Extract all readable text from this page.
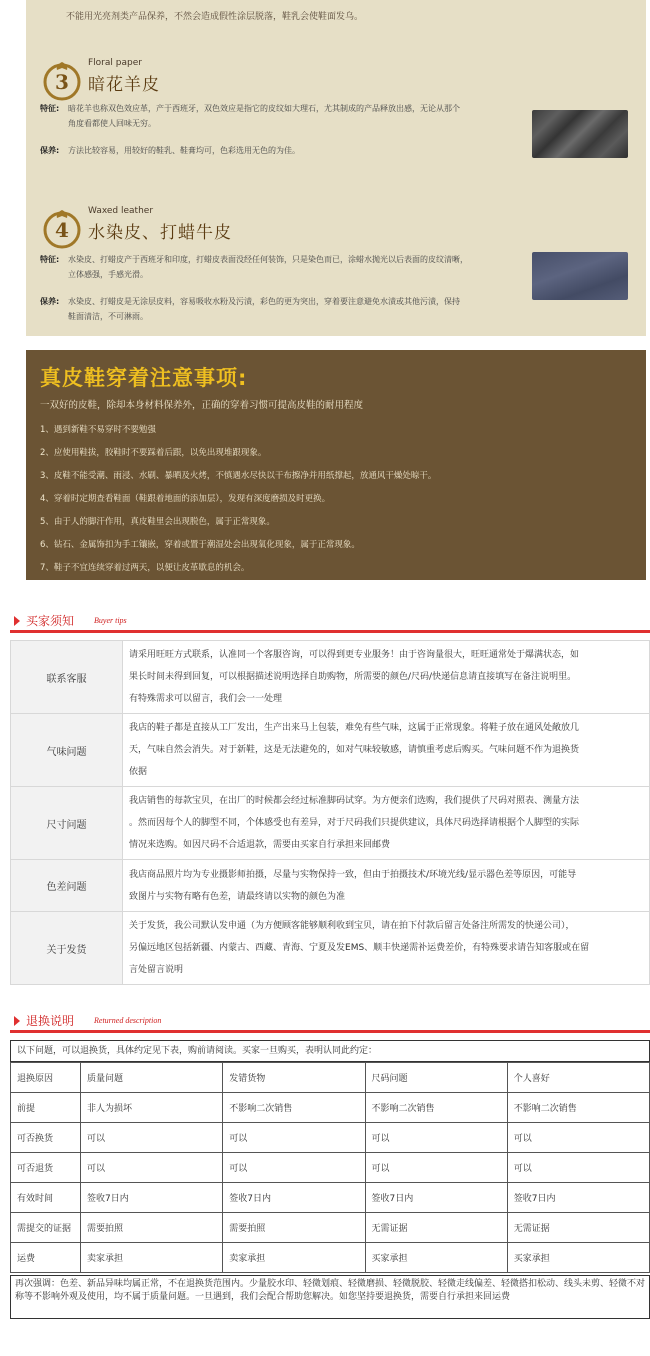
不能用光亮剂类产品保养，不然会造成假性涂层脱落，鞋乳会使鞋面发乌。
3
Floral paper
暗花羊皮
特征: 暗花羊也称双色效应革，产于西班牙，双色效应是指它的皮纹如大理石，尤其制成的产品释放出感，无论从那个
角度看都使人回味无穷。
保养: 方法比较容易，用较好的鞋乳、鞋膏均可，色彩选用无色的为佳。
4
Waxed leather
水染皮、打蜡牛皮
特征: 水染皮、打蜡皮产于西班牙和印度，打蜡皮表面没经任何装饰，只是染色而已，涂蜡水抛光以后表面的皮纹清晰，
立体感强，手感光滑。
保养: 水染皮、打蜡皮是无涂层皮料，容易吸收水粉及污渍，彩色的更为突出，穿着要注意避免水渍或其他污渍，保持
鞋面清洁，不可淋雨。
真皮鞋穿着注意事项:
一双好的皮鞋，除却本身材料保养外，正确的穿着习惯可提高皮鞋的耐用程度
1、遇到新鞋不易穿时不要勉强
2、应使用鞋拔，胶鞋时不要踩着后跟，以免出现堆跟现象。
3、皮鞋不能受潮、雨浸、水刷、暴晒及火烤，不慎遇水尽快以干布擦净并用纸撑起，放通风干燥处晾干。
4、穿着时定期查看鞋面（鞋跟着地面的添加层），发现有深度磨损及时更换。
5、由于人的脚汗作用，真皮鞋里会出现脱色，属于正常现象。
6、钻石、金属饰扣为手工镶嵌，穿着或置于潮湿处会出现氧化现象，属于正常现象。
7、鞋子不宜连续穿着过两天，以便让皮革歇息的机会。
买家须知 Buyer tips
联系客服	请采用旺旺方式联系，认准同一个客服咨询，可以得到更专业服务！由于咨询量很大，旺旺通常处于爆满状态，如
果长时间未得到回复，可以根据描述说明选择自助购物，所需要的颜色/尺码/快递信息请直接填写在备注说明里。
有特殊需求可以留言，我们会一一处理

气味问题	我店的鞋子都是直接从工厂发出，生产出来马上包装，难免有些气味，这属于正常现象。将鞋子放在通风处敞放几
天，气味自然会消失。对于新鞋，这是无法避免的，如对气味较敏感，请慎重考虑后购买。气味问题不作为退换货
依据

尺寸问题	我店销售的每款宝贝，在出厂的时候都会经过标准脚码试穿。为方便亲们选购，我们提供了尺码对照表、测量方法
。然而因每个人的脚型不同，个体感受也有差异，对于尺码我们只提供建议，具体尺码选择请根据个人脚型的实际
情况来选购。如因尺码不合适退款，需要由买家自行承担来回邮费

色差问题	我店商品照片均为专业摄影师拍摄，尽量与实物保持一致，但由于拍摄技术/环境光线/显示器色差等原因，可能导
致图片与实物有略有色差，请最终请以实物的颜色为准

关于发货	关于发货，我公司默认发申通（为方便顾客能够顺利收到宝贝，请在拍下付款后留言处备注所需发的快递公司），
另偏远地区包括新疆、内蒙古、西藏、青海、宁夏及发EMS、顺丰快递需补运费差价，有特殊要求请告知客服或在留
言处留言说明
退换说明 Returned description
以下问题，可以退换货，具体约定见下表，购前请阅读。买家一旦购买，表明认同此约定：
退换原因	质量问题	发错货物	尺码问题	个人喜好
前提	非人为损坏	不影响二次销售	不影响二次销售	不影响二次销售
可否换货	可以	可以	可以	可以
可否退货	可以	可以	可以	可以
有效时间	签收7日内	签收7日内	签收7日内	签收7日内
需提交的证据	需要拍照	需要拍照	无需证据	无需证据
运费	卖家承担	卖家承担	买家承担	买家承担
再次强调：色差、新品异味均属正常，不在退换货范围内。少量胶水印、轻微划痕、轻微磨损、轻微脱胶、轻微走线偏差、轻微搭扣松动、线头未剪、轻微不对称等不影响外观及使用，均不属于质量问题。一旦遇到，我们会配合帮助您解决。如您坚持要退换货，需要自行承担来回运费
